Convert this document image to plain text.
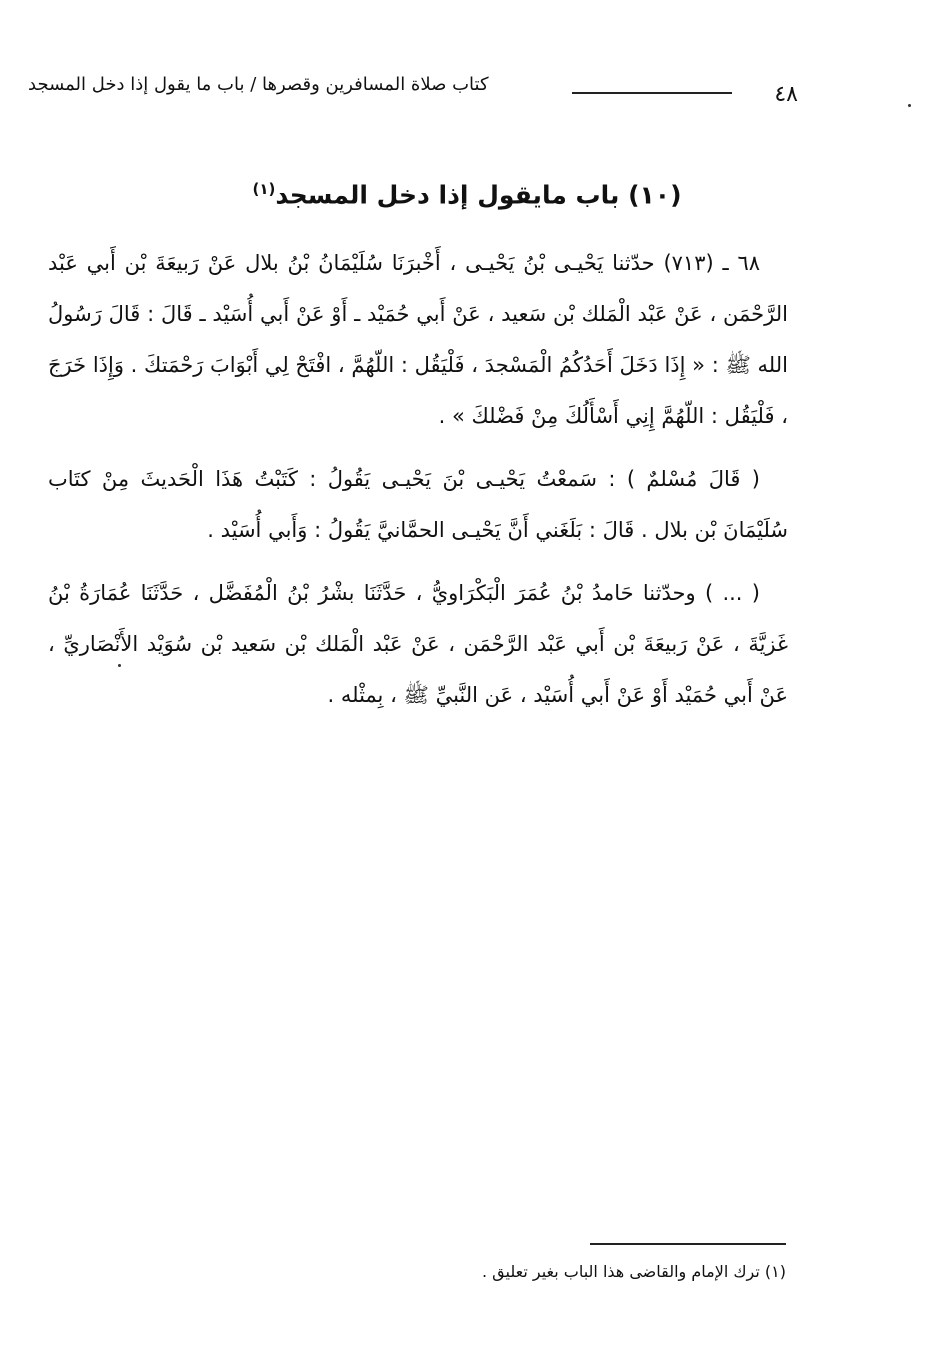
٤٨
كتاب صلاة المسافرين وقصرها / باب ما يقول إذا دخل المسجد
(١٠) باب مايقول إذا دخل المسجد$^{(١)}$

٦٨ ـ (٧١٣) حدّثنا يَحْيـى بْنُ يَحْيـى ، أَخْبرَنَا سُلَيْمَانُ بْنُ بلال عَنْ رَبيعَةَ بْن أَبي عَبْد الرَّحْمَن ، عَنْ عَبْد الْمَلك بْن سَعيد ، عَنْ أَبي حُمَيْد ـ أَوْ عَنْ أَبي أُسَيْد ـ قَالَ : قَالَ رَسُولُ الله ﷺ : « إِذَا دَخَلَ أَحَدُكُمُ الْمَسْجدَ ، فَلْيَقُل : اللّهُمَّ ، افْتَحْ لِي أَبْوَابَ رَحْمَتكَ . وَإِذَا خَرَجَ ، فَلْيَقُل : اللّهُمَّ إِنِي أَسْأَلُكَ مِنْ فَضْلكَ » .

( قَالَ مُسْلمٌ ) : سَمعْتُ يَحْيـى بْنَ يَحْيـى يَقُولُ : كَتَبْتُ هَذَا الْحَديثَ مِنْ كتَاب سُلَيْمَانَ بْن بلال . قَالَ : بَلَغَني أَنَّ يَحْيـى الحمَّانيَّ يَقُولُ : وَأَبي أُسَيْد .

( ... ) وحدّثنا حَامدُ بْنُ عُمَرَ الْبَكْرَاويُّ ، حَدَّثَنَا بشْرُ بْنُ الْمُفَضَّل ، حَدَّثَنَا عُمَارَةُ بْنُ غَزيَّةَ ، عَنْ رَبيعَةَ بْن أَبي عَبْد الرَّحْمَن ، عَنْ عَبْد الْمَلك بْن سَعيد بْن سُوَيْد الأَنْصَاريِّ ، عَنْ أَبي حُمَيْد أَوْ عَنْ أَبي أُسَيْد ، عَن النَّبيِّ ﷺ ، بِمثْله .

(١) ترك الإمام والقاضى هذا الباب بغير تعليق .
